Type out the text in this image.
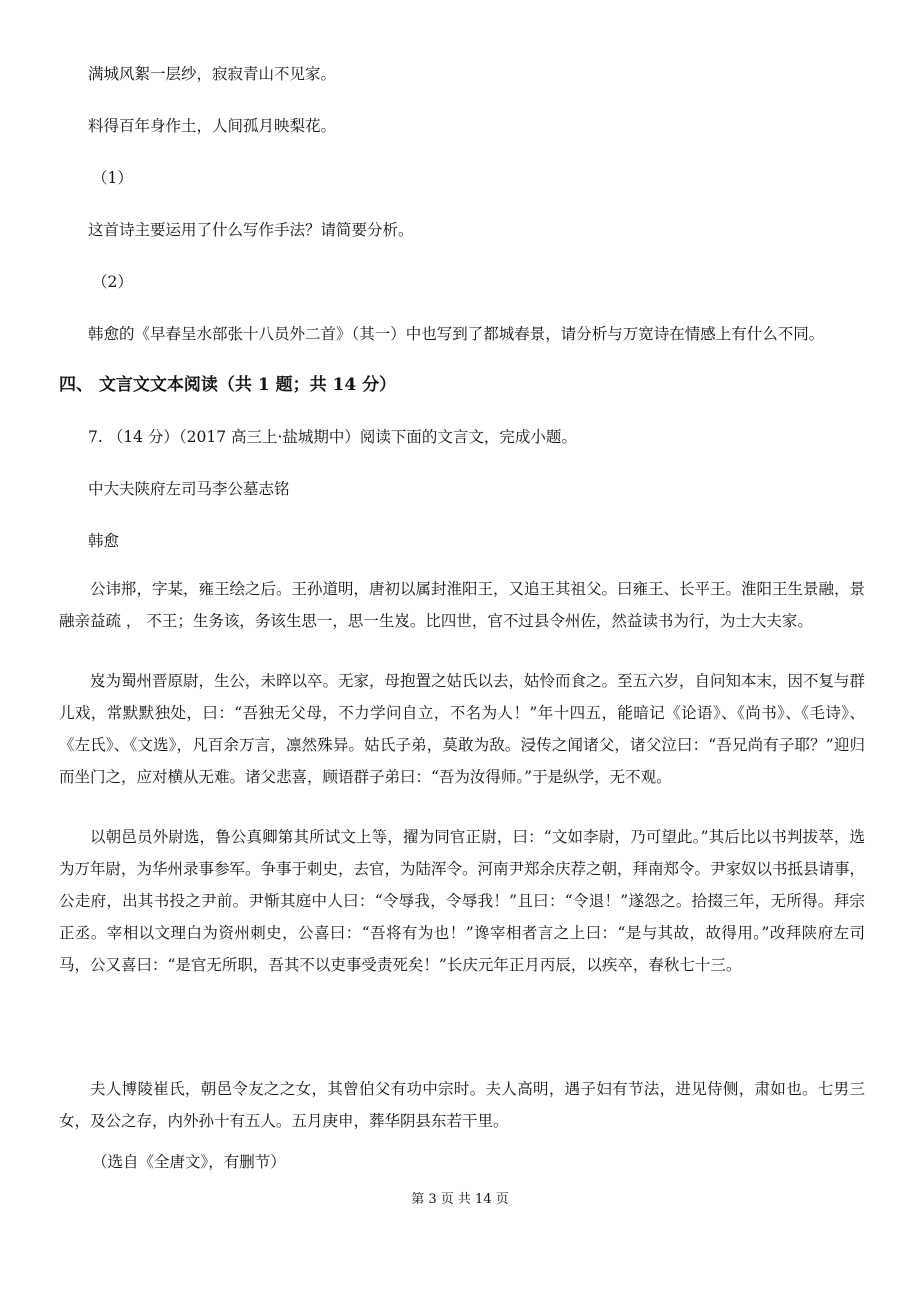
满城风絮一层纱，寂寂青山不见家。
料得百年身作土，人间孤月映梨花。
（1）
这首诗主要运用了什么写作手法？请简要分析。
（2）
韩愈的《早春呈水部张十八员外二首》（其一）中也写到了都城春景，请分析与万宽诗在情感上有什么不同。
四、 文言文文本阅读（共 1 题；共 14 分）
7. （14 分）（2017 高三上·盐城期中）阅读下面的文言文，完成小题。
中大夫陕府左司马李公墓志铭
韩愈
公讳郱，字某，雍王绘之后。王孙道明，唐初以属封淮阳王，又追王其祖父。曰雍王、长平王。淮阳王生景融，景融亲益疏 ， 不王；生务该，务该生思一，思一生岌。比四世，官不过县令州佐，然益读书为行，为士大夫家。
岌为蜀州晋原尉，生公，未晬以卒。无家，母抱置之姑氏以去，姑怜而食之。至五六岁，自问知本末，因不复与群儿戏，常默默独处，曰：“吾独无父母，不力学问自立，不名为人！”年十四五，能暗记《论语》、《尚书》、《毛诗》、《左氏》、《文选》，凡百余万言，凛然殊异。姑氏子弟，莫敢为敌。浸传之闻诸父，诸父泣曰：“吾兄尚有子耶？”迎归而坐门之，应对横从无难。诸父悲喜，顾语群子弟曰：“吾为汝得师。”于是纵学，无不观。
以朝邑员外尉选，鲁公真卿第其所试文上等，擢为同官正尉，曰：“文如李尉，乃可望此。”其后比以书判拔萃，选为万年尉，为华州录事参军。争事于刺史，去官，为陆浑令。河南尹郑余庆荐之朝，拜南郑令。尹家奴以书抵县请事，公走府，出其书投之尹前。尹惭其庭中人曰：“令辱我，令辱我！”且曰：“令退！”遂怨之。拾掇三年，无所得。拜宗正丞。宰相以文理白为资州刺史，公喜曰：“吾将有为也！”谗宰相者言之上曰：“是与其故，故得用。”改拜陕府左司马，公又喜曰：“是官无所职，吾其不以吏事受责死矣！”长庆元年正月丙辰，以疾卒，春秋七十三。
夫人博陵崔氏，朝邑令友之之女，其曾伯父有功中宗时。夫人高明，遇子妇有节法，进见侍侧，肃如也。七男三女，及公之存，内外孙十有五人。五月庚申，葬华阴县东若干里。
（选自《全唐文》，有删节）
第 3 页 共 14 页
